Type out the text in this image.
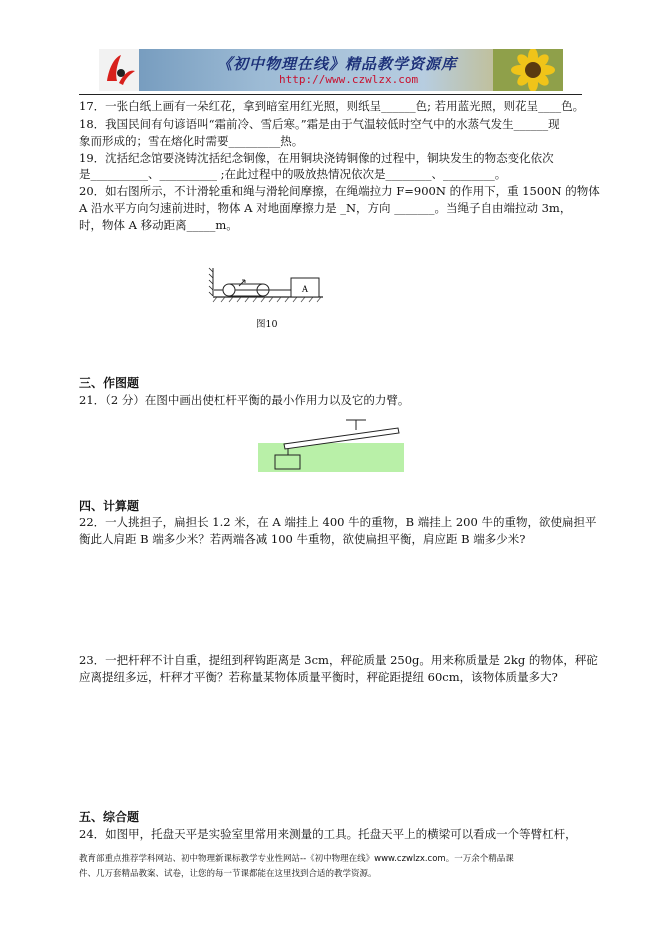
《初中物理在线》精品教学资源库
http://www.czwlzx.com
17．一张白纸上画有一朵红花，拿到暗室用红光照，则纸呈______色; 若用蓝光照，则花呈____色。
18．我国民间有句谚语叫“霜前冷、雪后寒。”霜是由于气温较低时空气中的水蒸气发生______现
象而形成的；雪在熔化时需要_________热。
19．沈括纪念馆要浇铸沈括纪念铜像，在用铜块浇铸铜像的过程中，铜块发生的物态变化依次
是__________、__________ ;在此过程中的吸放热情况依次是________、_________。
20．如右图所示，不计滑轮重和绳与滑轮间摩擦，在绳端拉力 F=900N 的作用下，重 1500N 的物体
A 沿水平方向匀速前进时，物体 A 对地面摩擦力是 _N，方向 _______。当绳子自由端拉动 3m，
时，物体 A 移动距离_____m。
A
图10
三、作图题
21．（2 分）在图中画出使杠杆平衡的最小作用力以及它的力臂。
四、计算题
22．一人挑担子，扁担长 1.2 米，在 A 端挂上 400 牛的重物，B 端挂上 200 牛的重物，欲使扁担平
衡此人肩距 B 端多少米？若两端各减 100 牛重物，欲使扁担平衡，肩应距 B 端多少米?
23．一把杆秤不计自重，提纽到秤钩距离是 3cm，秤砣质量 250g。用来称质量是 2kg 的物体，秤砣
应离提纽多远，杆秤才平衡？若称量某物体质量平衡时，秤砣距提纽 60cm，该物体质量多大?
五、综合题
24．如图甲，托盘天平是实验室里常用来测量的工具。托盘天平上的横梁可以看成一个等臂杠杆，
教育部重点推荐学科网站、初中物理新课标教学专业性网站--《初中物理在线》www.czwlzx.com。一万余个精品课
件、几万套精品教案、试卷，让您的每一节课都能在这里找到合适的教学资源。
